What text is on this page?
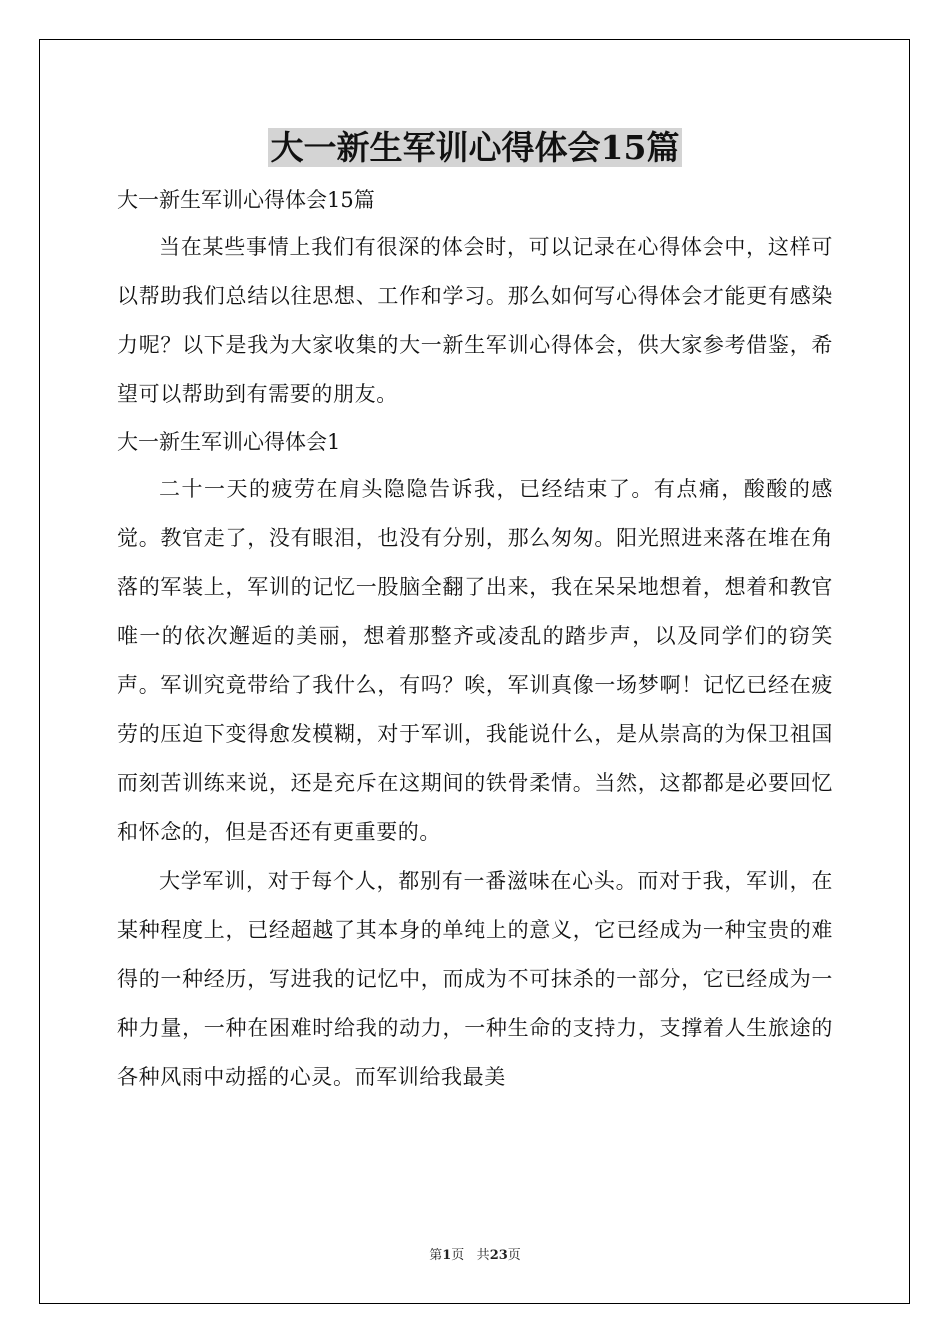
大一新生军训心得体会15篇

大一新生军训心得体会15篇

当在某些事情上我们有很深的体会时，可以记录在心得体会中，这样可以帮助我们总结以往思想、工作和学习。那么如何写心得体会才能更有感染力呢？以下是我为大家收集的大一新生军训心得体会，供大家参考借鉴，希望可以帮助到有需要的朋友。

大一新生军训心得体会1

二十一天的疲劳在肩头隐隐告诉我，已经结束了。有点痛，酸酸的感觉。教官走了，没有眼泪，也没有分别，那么匆匆。阳光照进来落在堆在角落的军装上，军训的记忆一股脑全翻了出来，我在呆呆地想着，想着和教官唯一的依次邂逅的美丽，想着那整齐或凌乱的踏步声，以及同学们的窃笑声。军训究竟带给了我什么，有吗？唉，军训真像一场梦啊！记忆已经在疲劳的压迫下变得愈发模糊，对于军训，我能说什么，是从崇高的为保卫祖国而刻苦训练来说，还是充斥在这期间的铁骨柔情。当然，这都都是必要回忆和怀念的，但是否还有更重要的。

大学军训，对于每个人，都别有一番滋味在心头。而对于我，军训，在某种程度上，已经超越了其本身的单纯上的意义，它已经成为一种宝贵的难得的一种经历，写进我的记忆中，而成为不可抹杀的一部分，它已经成为一种力量，一种在困难时给我的动力，一种生命的支持力，支撑着人生旅途的各种风雨中动摇的心灵。而军训给我最美

第1页 共23页
